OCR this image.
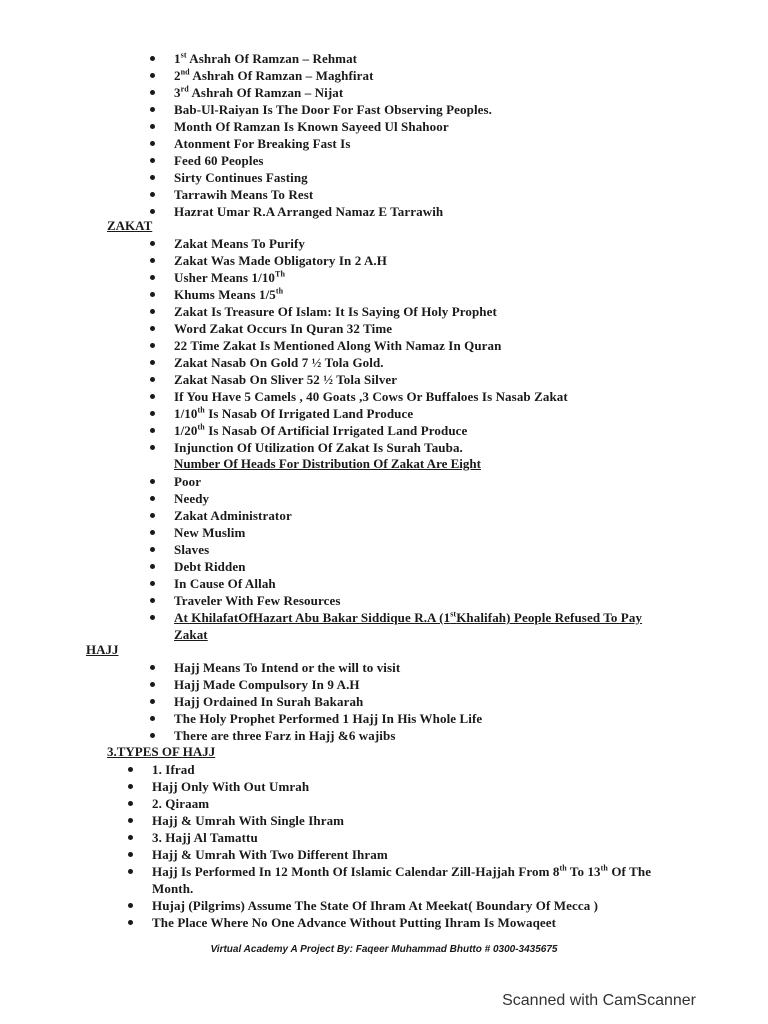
1st Ashrah Of Ramzan – Rehmat
2nd Ashrah Of Ramzan – Maghfirat
3rd Ashrah Of Ramzan – Nijat
Bab-Ul-Raiyan Is The Door For Fast Observing Peoples.
Month Of Ramzan Is Known Sayeed Ul Shahoor
Atonment For Breaking Fast Is
Feed 60 Peoples
Sirty Continues Fasting
Tarrawih Means To Rest
Hazrat Umar R.A Arranged Namaz E Tarrawih
ZAKAT
Zakat Means To Purify
Zakat Was Made Obligatory In 2 A.H
Usher Means 1/10Th
Khums Means 1/5th
Zakat Is Treasure Of Islam: It Is Saying Of Holy Prophet
Word Zakat Occurs In Quran 32 Time
22 Time Zakat Is Mentioned Along With Namaz In Quran
Zakat Nasab On Gold 7 ½ Tola Gold.
Zakat Nasab On Sliver 52 ½ Tola Silver
If You Have 5 Camels , 40 Goats ,3 Cows Or Buffaloes Is Nasab Zakat
1/10th Is Nasab Of Irrigated Land Produce
1/20th Is Nasab Of Artificial Irrigated Land Produce
Injunction Of Utilization Of Zakat Is Surah Tauba.
Number Of Heads For Distribution Of Zakat Are Eight
Poor
Needy
Zakat Administrator
New Muslim
Slaves
Debt Ridden
In Cause Of Allah
Traveler With Few Resources
At KhilafatOfHazart Abu Bakar Siddique R.A (1stKhalifah) People Refused To Pay Zakat
HAJJ
Hajj Means To Intend or the will to visit
Hajj Made Compulsory In 9 A.H
Hajj Ordained In Surah Bakarah
The Holy Prophet Performed 1 Hajj In His Whole Life
There are three Farz in Hajj &6 wajibs
3.TYPES OF HAJJ
1. Ifrad
Hajj Only With Out Umrah
2. Qiraam
Hajj & Umrah With Single Ihram
3. Hajj Al Tamattu
Hajj & Umrah With Two Different Ihram
Hajj Is Performed In 12 Month Of Islamic Calendar Zill-Hajjah From 8th To 13th Of The Month.
Hujaj (Pilgrims) Assume The State Of Ihram At Meekat( Boundary Of Mecca )
The Place Where No One Advance Without Putting Ihram Is Mowaqeet
Virtual Academy A Project By: Faqeer Muhammad Bhutto # 0300-3435675
Scanned with CamScanner
